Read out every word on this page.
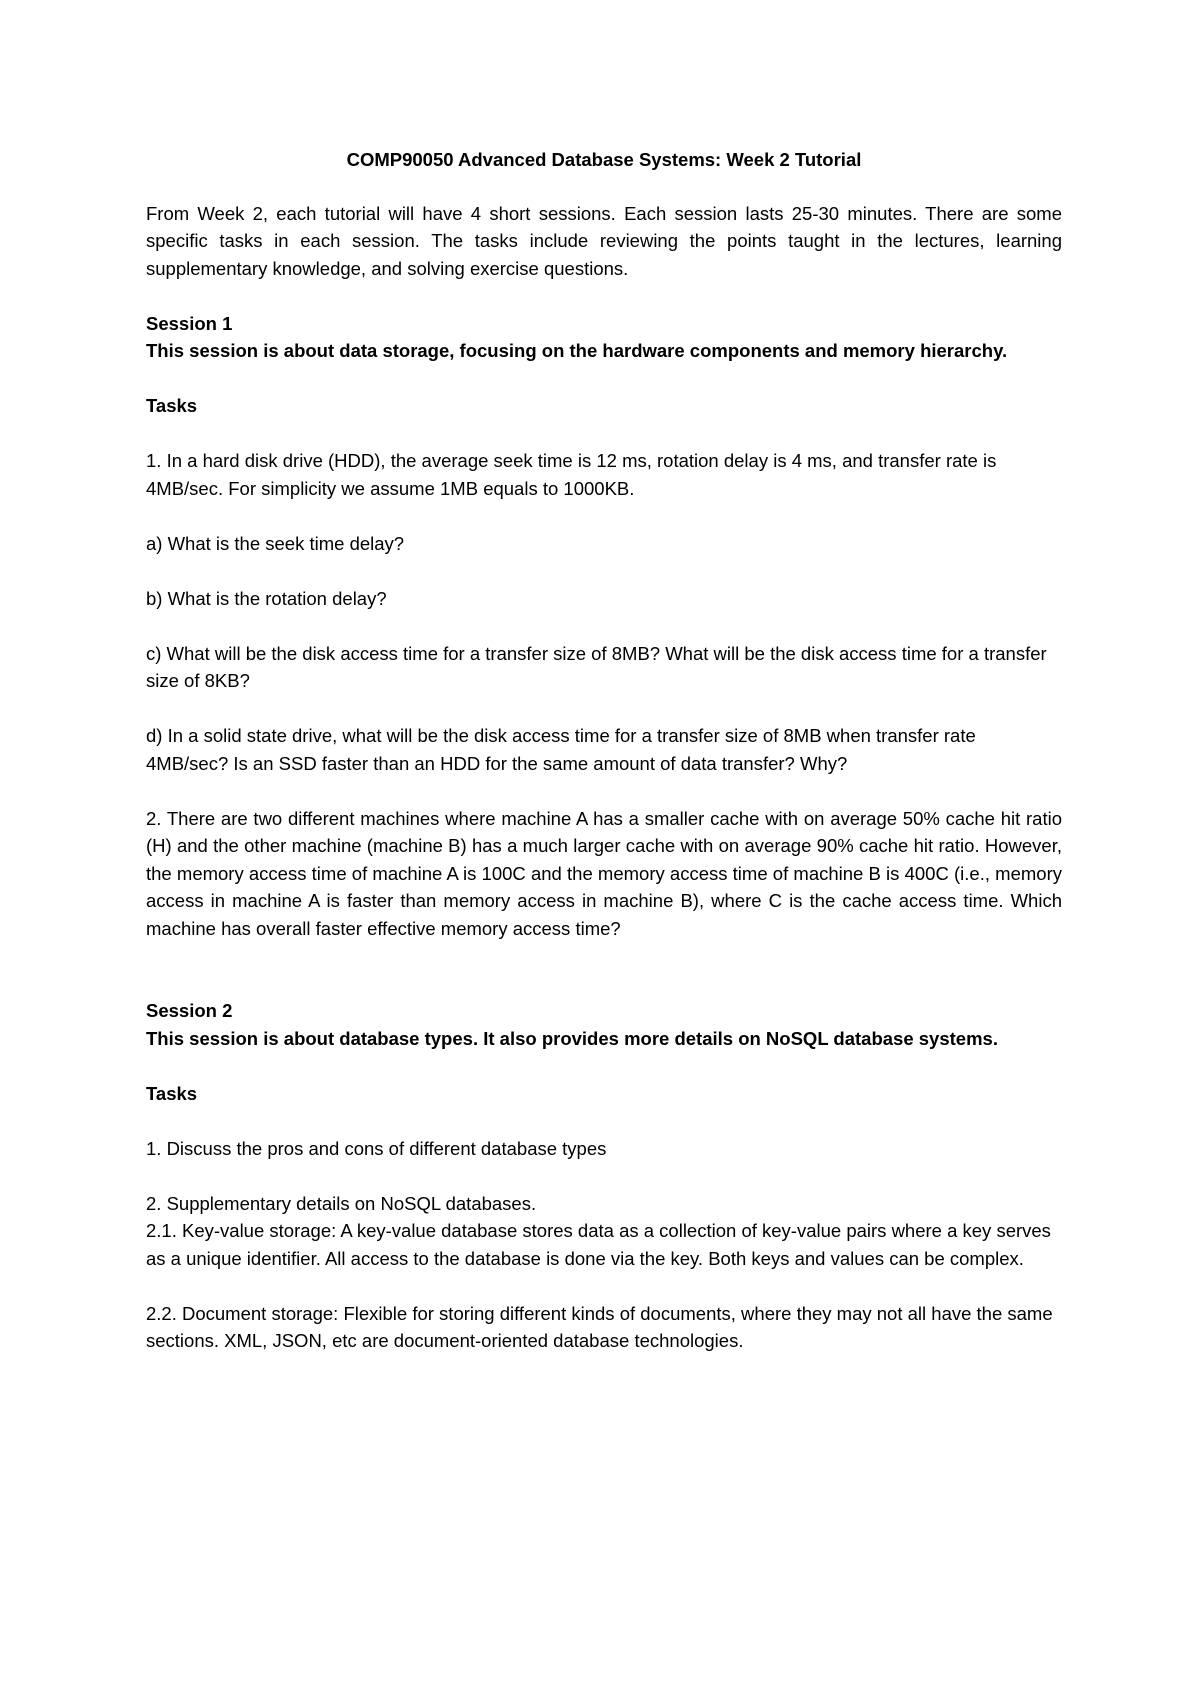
COMP90050 Advanced Database Systems: Week 2 Tutorial

From Week 2, each tutorial will have 4 short sessions. Each session lasts 25-30 minutes. There are some specific tasks in each session. The tasks include reviewing the points taught in the lectures, learning supplementary knowledge, and solving exercise questions.

Session 1

This session is about data storage, focusing on the hardware components and memory hierarchy.

Tasks

1. In a hard disk drive (HDD), the average seek time is 12 ms, rotation delay is 4 ms, and transfer rate is 4MB/sec. For simplicity we assume 1MB equals to 1000KB.

a) What is the seek time delay?

b) What is the rotation delay?

c) What will be the disk access time for a transfer size of 8MB? What will be the disk access time for a transfer size of 8KB?

d) In a solid state drive, what will be the disk access time for a transfer size of 8MB when transfer rate 4MB/sec? Is an SSD faster than an HDD for the same amount of data transfer? Why?

2. There are two different machines where machine A has a smaller cache with on average 50% cache hit ratio (H) and the other machine (machine B) has a much larger cache with on average 90% cache hit ratio. However, the memory access time of machine A is 100C and the memory access time of machine B is 400C (i.e., memory access in machine A is faster than memory access in machine B), where C is the cache access time. Which machine has overall faster effective memory access time?

Session 2

This session is about database types. It also provides more details on NoSQL database systems.

Tasks

1. Discuss the pros and cons of different database types

2. Supplementary details on NoSQL databases.

2.1. Key-value storage: A key-value database stores data as a collection of key-value pairs where a key serves as a unique identifier. All access to the database is done via the key. Both keys and values can be complex.

2.2. Document storage: Flexible for storing different kinds of documents, where they may not all have the same sections. XML, JSON, etc are document-oriented database technologies.
